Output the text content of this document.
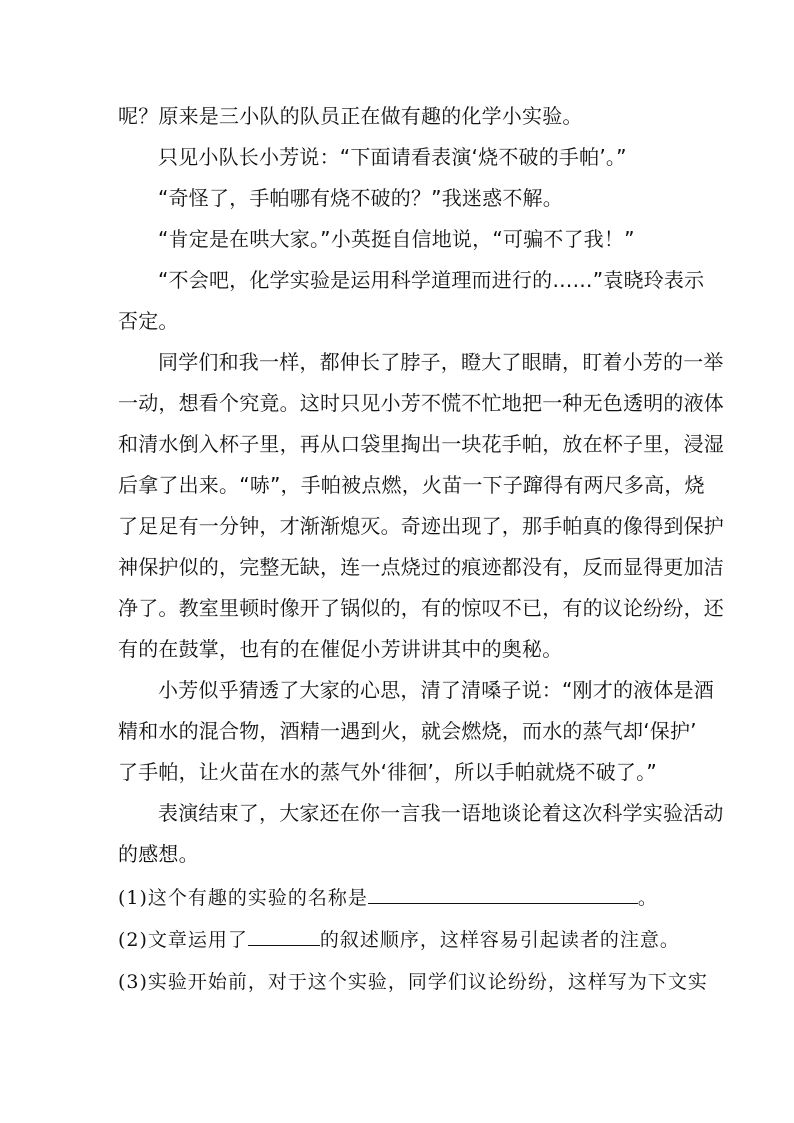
呢？原来是三小队的队员正在做有趣的化学小实验。

只见小队长小芳说：“下面请看表演‘烧不破的手帕’。”

“奇怪了，手帕哪有烧不破的？”我迷惑不解。

“肯定是在哄大家。”小英挺自信地说，“可骗不了我！”

“不会吧，化学实验是运用科学道理而进行的……”袁晓玲表示

否定。

同学们和我一样，都伸长了脖子，瞪大了眼睛，盯着小芳的一举

一动，想看个究竟。这时只见小芳不慌不忙地把一种无色透明的液体

和清水倒入杯子里，再从口袋里掏出一块花手帕，放在杯子里，浸湿

后拿了出来。“哧”，手帕被点燃，火苗一下子蹿得有两尺多高，烧

了足足有一分钟，才渐渐熄灭。奇迹出现了，那手帕真的像得到保护

神保护似的，完整无缺，连一点烧过的痕迹都没有，反而显得更加洁

净了。教室里顿时像开了锅似的，有的惊叹不已，有的议论纷纷，还

有的在鼓掌，也有的在催促小芳讲讲其中的奥秘。

小芳似乎猜透了大家的心思，清了清嗓子说：“刚才的液体是酒

精和水的混合物，酒精一遇到火，就会燃烧，而水的蒸气却‘保护’

了手帕，让火苗在水的蒸气外‘徘徊’，所以手帕就烧不破了。”

表演结束了，大家还在你一言我一语地谈论着这次科学实验活动

的感想。

(1)这个有趣的实验的名称是	。

(2)文章运用了	的叙述顺序，这样容易引起读者的注意。

(3)实验开始前，对于这个实验，同学们议论纷纷，这样写为下文实
